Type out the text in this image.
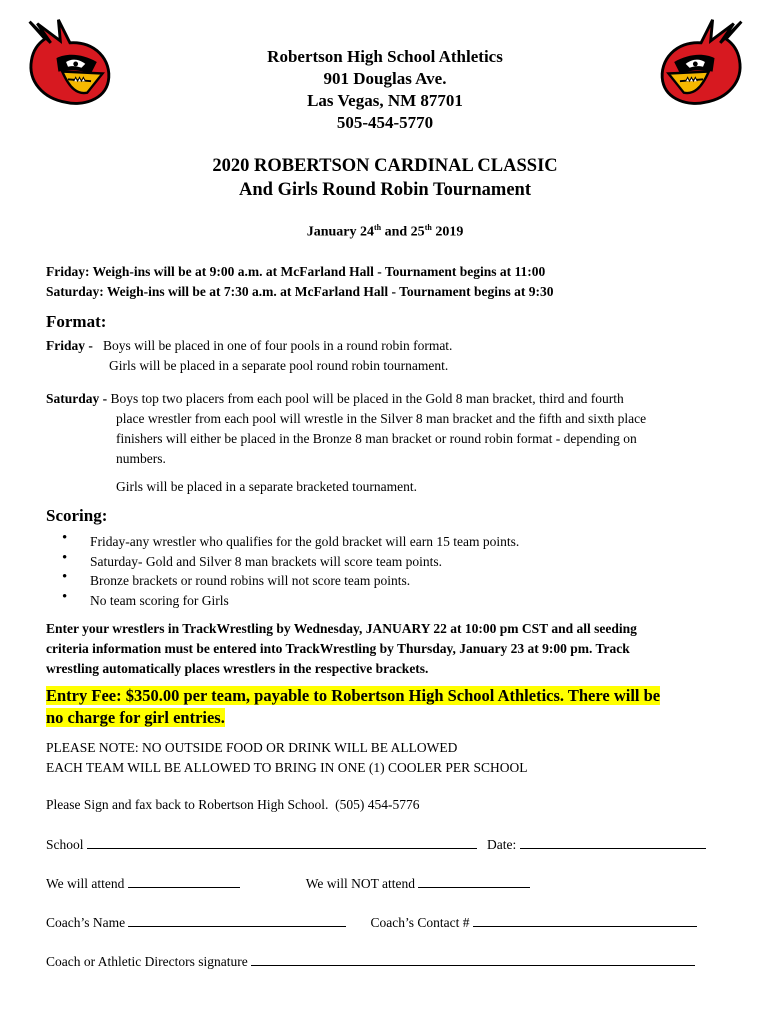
Robertson High School Athletics
901 Douglas Ave.
Las Vegas, NM 87701
505-454-5770
2020 ROBERTSON CARDINAL CLASSIC
And Girls Round Robin Tournament
January 24th and 25th 2019
Friday: Weigh-ins will be at 9:00 a.m. at McFarland Hall - Tournament begins at 11:00
Saturday: Weigh-ins will be at 7:30 a.m. at McFarland Hall - Tournament begins at 9:30
Format:
Friday - Boys will be placed in one of four pools in a round robin format.
Girls will be placed in a separate pool round robin tournament.
Saturday - Boys top two placers from each pool will be placed in the Gold 8 man bracket, third and fourth
place wrestler from each pool will wrestle in the Silver 8 man bracket and the fifth and sixth place
finishers will either be placed in the Bronze 8 man bracket or round robin format - depending on
numbers.
Girls will be placed in a separate bracketed tournament.
Scoring:
• Friday-any wrestler who qualifies for the gold bracket will earn 15 team points.
• Saturday- Gold and Silver 8 man brackets will score team points.
• Bronze brackets or round robins will not score team points.
• No team scoring for Girls
Enter your wrestlers in TrackWrestling by Wednesday, JANUARY 22 at 10:00 pm CST and all seeding
criteria information must be entered into TrackWrestling by Thursday, January 23 at 9:00 pm. Track
wrestling automatically places wrestlers in the respective brackets.
Entry Fee: $350.00 per team, payable to Robertson High School Athletics. There will be
no charge for girl entries.
PLEASE NOTE: NO OUTSIDE FOOD OR DRINK WILL BE ALLOWED
EACH TEAM WILL BE ALLOWED TO BRING IN ONE (1) COOLER PER SCHOOL
Please Sign and fax back to Robertson High School.  (505) 454-5776
School	Date:
We will attend	We will NOT attend
Coach’s Name	Coach’s Contact #
Coach or Athletic Directors signature
